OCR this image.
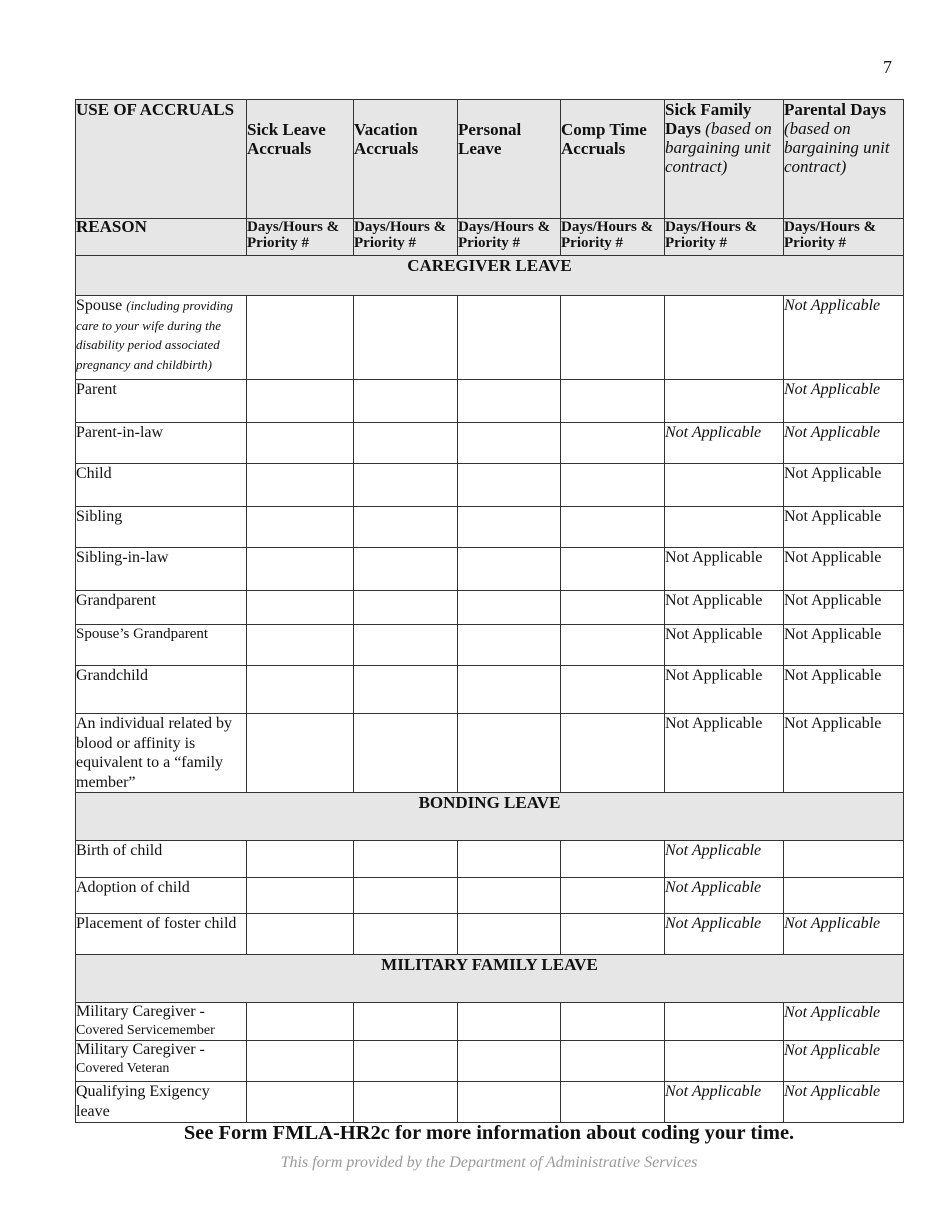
7
USE OF ACCRUALS	Sick Leave Accruals	Vacation Accruals	Personal Leave	Comp Time Accruals	Sick Family Days (based on bargaining unit contract)	Parental Days (based on bargaining unit contract)
REASON	Days/Hours & Priority #	Days/Hours & Priority #	Days/Hours & Priority #	Days/Hours & Priority #	Days/Hours & Priority #	Days/Hours & Priority #
CAREGIVER LEAVE						
Spouse (including providing care to your wife during the disability period associated pregnancy and childbirth)						Not Applicable
Parent						Not Applicable
Parent-in-law					Not Applicable	Not Applicable
Child						Not Applicable
Sibling						Not Applicable
Sibling-in-law					Not Applicable	Not Applicable
Grandparent					Not Applicable	Not Applicable
Spouse’s Grandparent					Not Applicable	Not Applicable
Grandchild					Not Applicable	Not Applicable
An individual related by blood or affinity is equivalent to a “family member”					Not Applicable	Not Applicable
BONDING LEAVE						
Birth of child					Not Applicable	
Adoption of child					Not Applicable	
Placement of foster child					Not Applicable	Not Applicable
MILITARY FAMILY LEAVE						
Military Caregiver -
Covered Servicemember						Not Applicable
Military Caregiver -
Covered Veteran						Not Applicable
Qualifying Exigency leave					Not Applicable	Not Applicable
See Form FMLA-HR2c for more information about coding your time.
This form provided by the Department of Administrative Services
